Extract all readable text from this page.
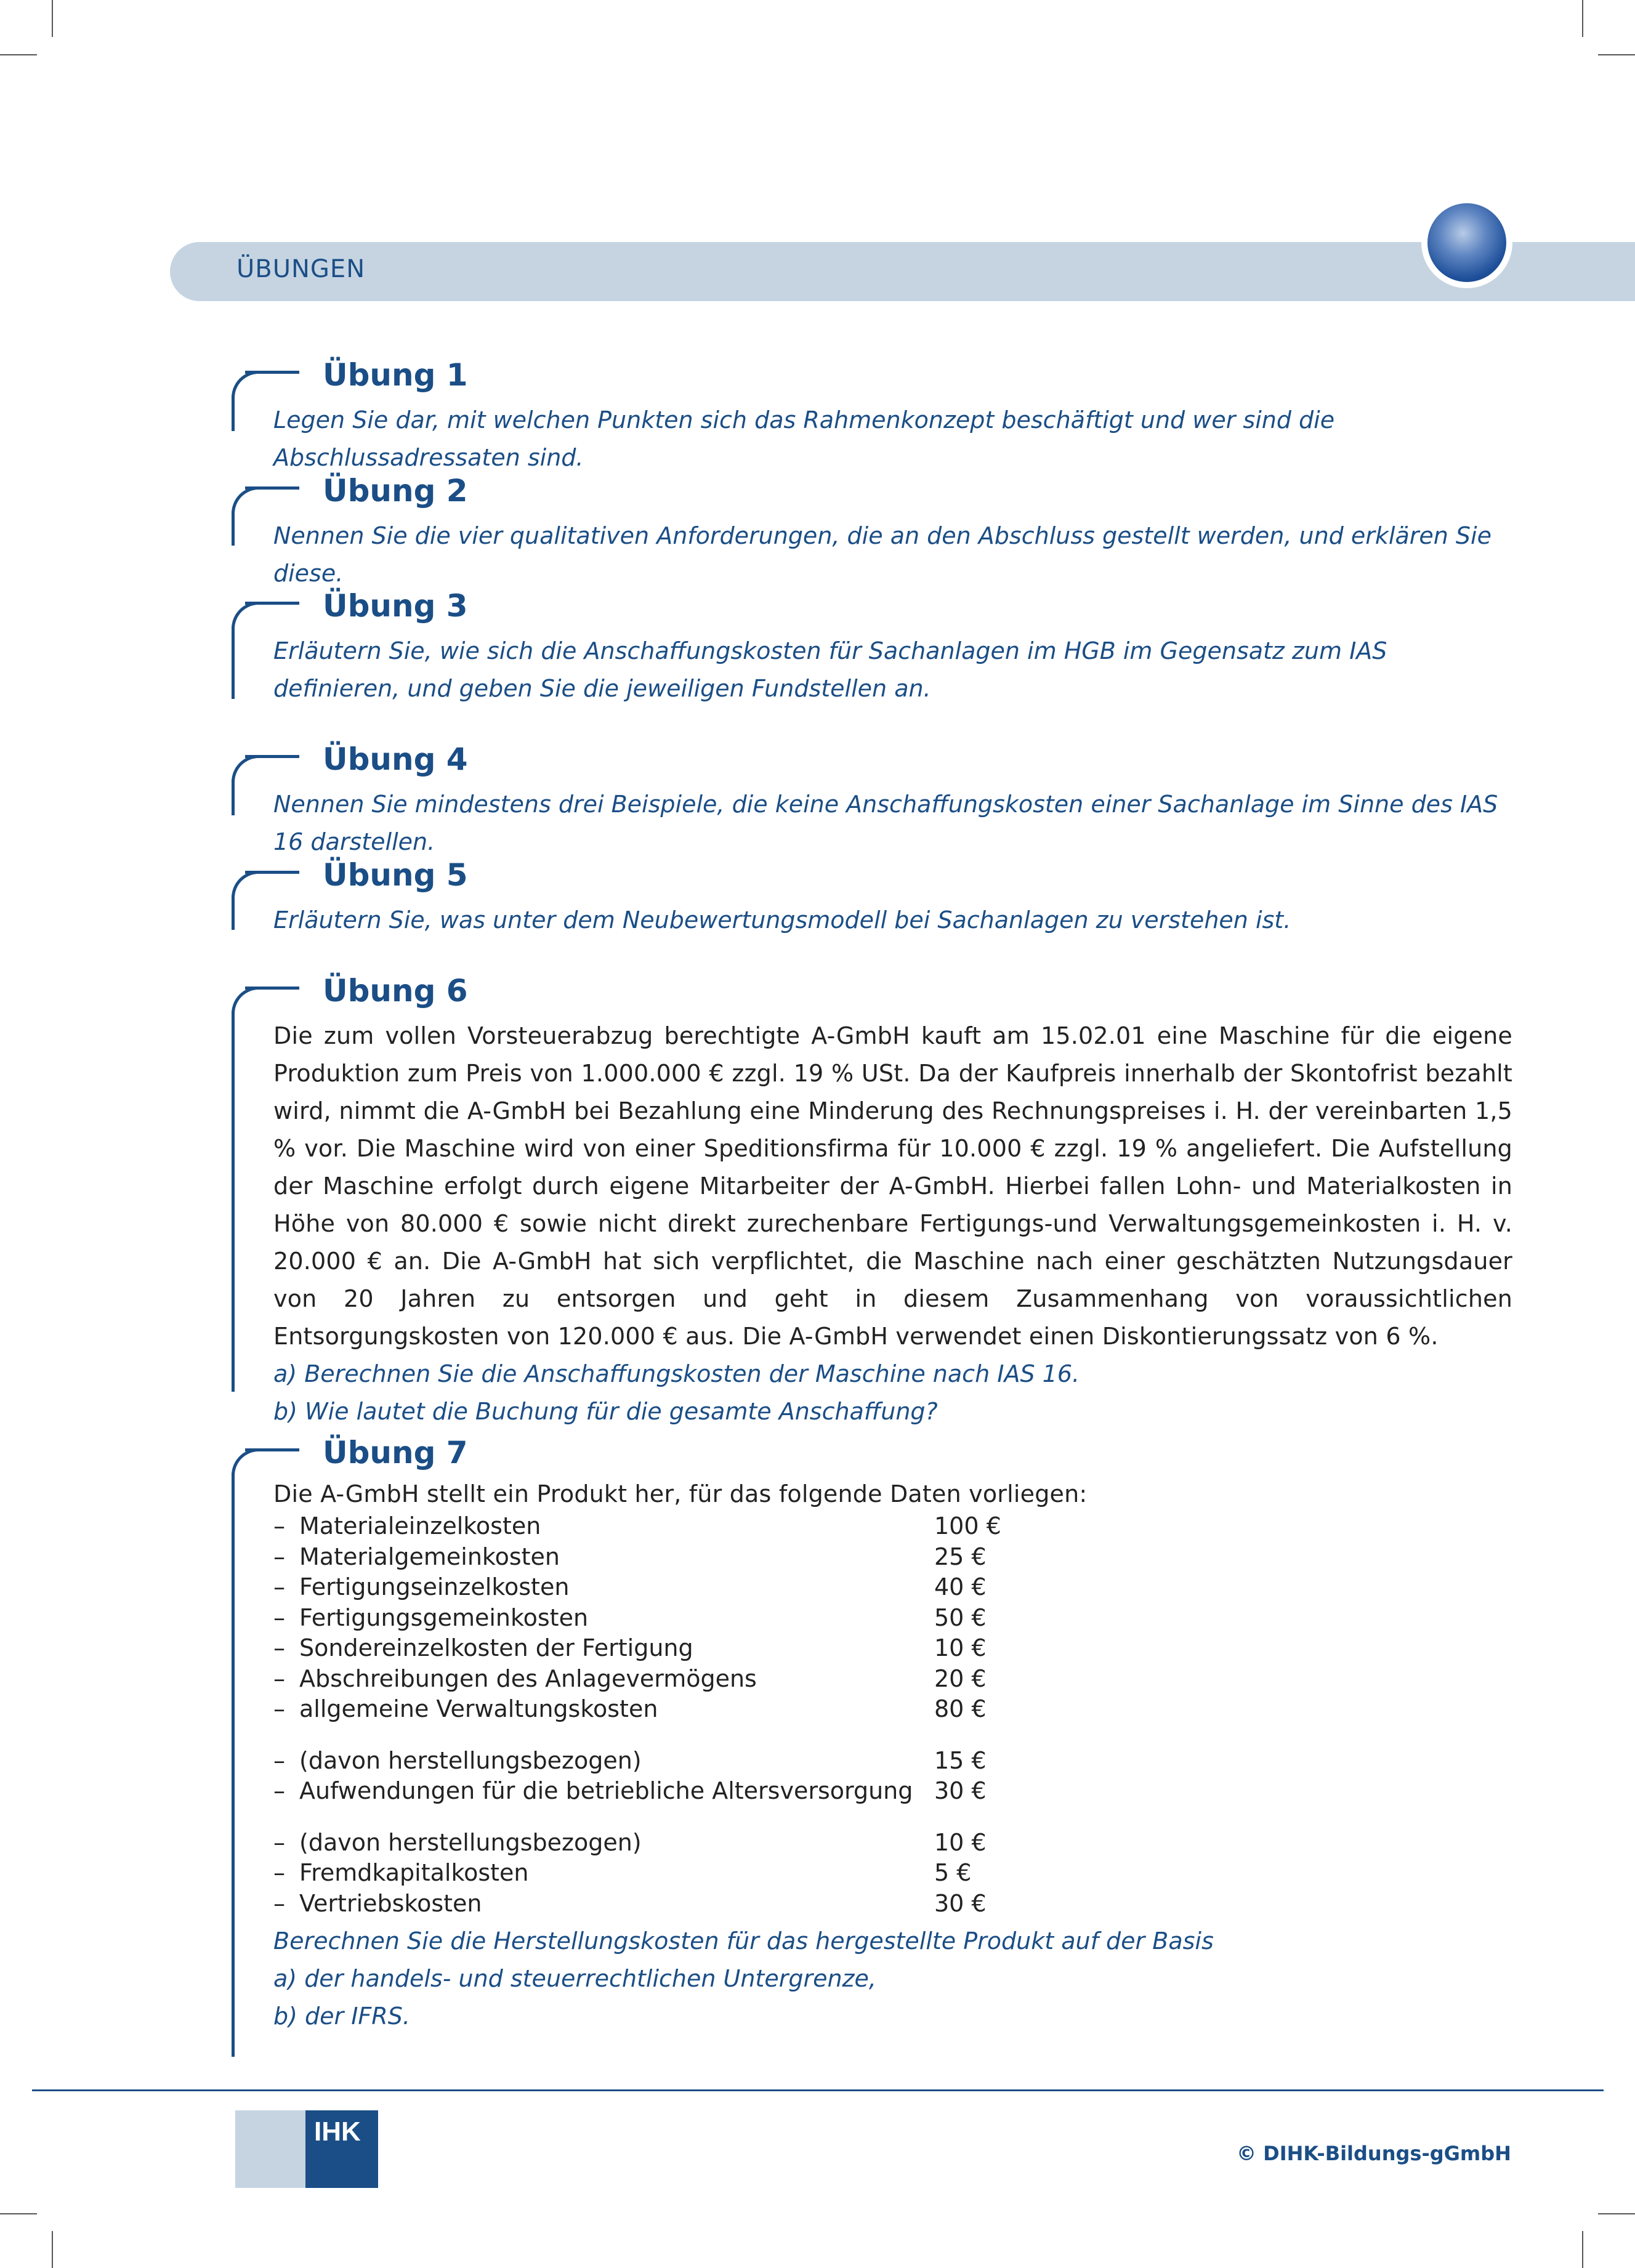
ÜBUNGEN
Übung 1
Legen Sie dar, mit welchen Punkten sich das Rahmenkonzept beschäftigt und wer sind die Abschlussadressaten sind.
Übung 2
Nennen Sie die vier qualitativen Anforderungen, die an den Abschluss gestellt werden, und erklären Sie diese.
Übung 3
Erläutern Sie, wie sich die Anschaffungskosten für Sachanlagen im HGB im Gegensatz zum IAS definieren, und geben Sie die jeweiligen Fundstellen an.
Übung 4
Nennen Sie mindestens drei Beispiele, die keine Anschaffungskosten einer Sachanlage im Sinne des IAS 16 darstellen.
Übung 5
Erläutern Sie, was unter dem Neubewertungsmodell bei Sachanlagen zu verstehen ist.
Übung 6
Die zum vollen Vorsteuerabzug berechtigte A-GmbH kauft am 15.02.01 eine Maschine für die eigene Produktion zum Preis von 1.000.000 € zzgl. 19 % USt. Da der Kaufpreis innerhalb der Skontofrist bezahlt wird, nimmt die A-GmbH bei Bezahlung eine Minderung des Rechnungspreises i. H. der vereinbarten 1,5 % vor. Die Maschine wird von einer Speditionsfirma für 10.000 € zzgl. 19 % angeliefert. Die Aufstellung der Maschine erfolgt durch eigene Mitarbeiter der A-GmbH. Hierbei fallen Lohn- und Materialkosten in Höhe von 80.000 € sowie nicht direkt zurechenbare Fertigungs-und Verwaltungsgemeinkosten i. H. v. 20.000 € an. Die A-GmbH hat sich verpflichtet, die Maschine nach einer geschätzten Nutzungsdauer von 20 Jahren zu entsorgen und geht in diesem Zusammenhang von voraussichtlichen Entsorgungskosten von 120.000 € aus. Die A-GmbH verwendet einen Diskontierungssatz von 6 %.
a) Berechnen Sie die Anschaffungskosten der Maschine nach IAS 16.
b) Wie lautet die Buchung für die gesamte Anschaffung?
Übung 7
Die A-GmbH stellt ein Produkt her, für das folgende Daten vorliegen:
– Materialeinzelkosten	100 €
– Materialgemeinkosten	25 €
– Fertigungseinzelkosten	40 €
– Fertigungsgemeinkosten	50 €
– Sondereinzelkosten der Fertigung	10 €
– Abschreibungen des Anlagevermögens	20 €
– allgemeine Verwaltungskosten	80 €
– (davon herstellungsbezogen)	15 €
– Aufwendungen für die betriebliche Altersversorgung 30 €
– (davon herstellungsbezogen)	10 €
– Fremdkapitalkosten	5 €
– Vertriebskosten	30 €
Berechnen Sie die Herstellungskosten für das hergestellte Produkt auf der Basis
a) der handels- und steuerrechtlichen Untergrenze,
b) der IFRS.
IHK
© DIHK-Bildungs-gGmbH
